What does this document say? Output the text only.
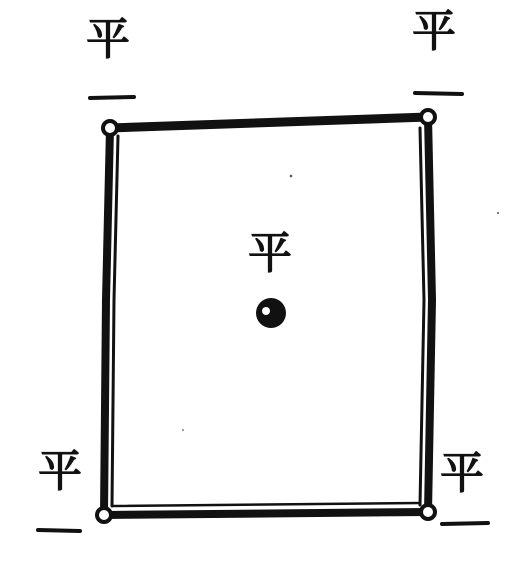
平	平
平
平	平
